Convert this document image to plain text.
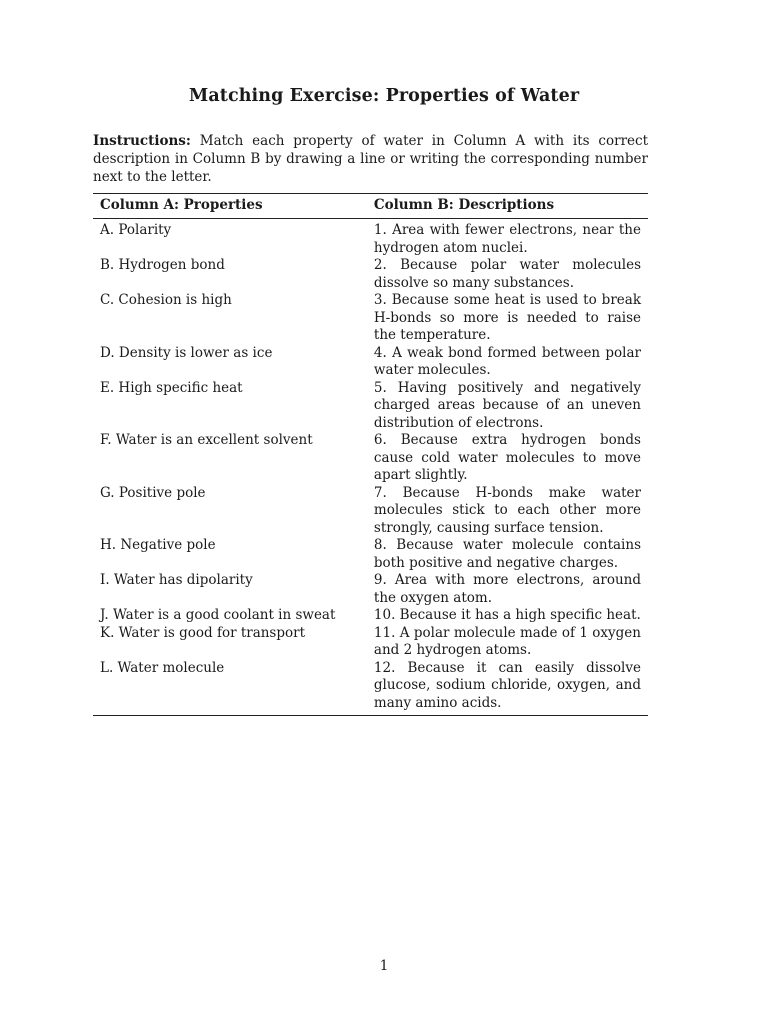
Matching Exercise: Properties of Water
Instructions: Match each property of water in Column A with its correct description in Column B by drawing a line or writing the corresponding number next to the letter.
Column A: Properties	Column B: Descriptions
A. Polarity	1. Area with fewer electrons, near the hydrogen atom nuclei.
B. Hydrogen bond	2. Because polar water molecules dissolve so many substances.
C. Cohesion is high	3. Because some heat is used to break H-bonds so more is needed to raise the temperature.
D. Density is lower as ice	4. A weak bond formed between polar water molecules.
E. High specific heat	5. Having positively and negatively charged areas because of an uneven distribution of electrons.
F. Water is an excellent solvent	6. Because extra hydrogen bonds cause cold water molecules to move apart slightly.
G. Positive pole	7. Because H-bonds make water molecules stick to each other more strongly, causing surface tension.
H. Negative pole	8. Because water molecule contains both positive and negative charges.
I. Water has dipolarity	9. Area with more electrons, around the oxygen atom.
J. Water is a good coolant in sweat	10. Because it has a high specific heat.
K. Water is good for transport	11. A polar molecule made of 1 oxygen and 2 hydrogen atoms.
L. Water molecule	12. Because it can easily dissolve glucose, sodium chloride, oxygen, and many amino acids.
1
